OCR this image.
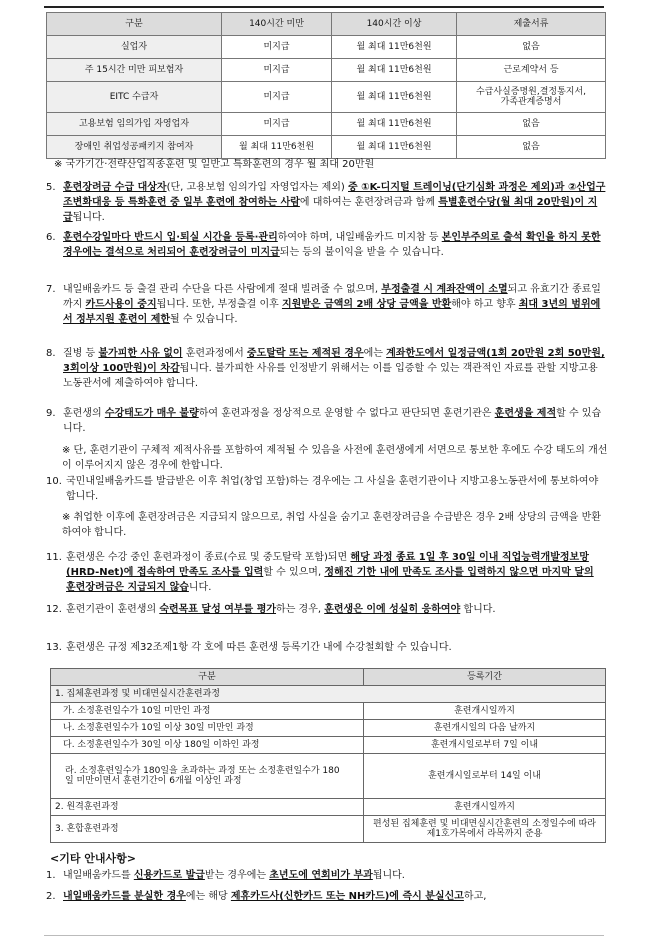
구분	140시간 미만	140시간 이상	제출서류
실업자	미지급	월 최대 11만6천원	없음
주 15시간 미만 피보험자	미지급	월 최대 11만6천원	근로계약서 등
EITC 수급자	미지급	월 최대 11만6천원	수급사실증명원,결정통지서,
가족관계증명서
고용보험 임의가입 자영업자	미지급	월 최대 11만6천원	없음
장애인 취업성공패키지 참여자	월 최대 11만6천원	월 최대 11만6천원	없음
※ 국가기간·전략산업직종훈련 및 일반고 특화훈련의 경우 월 최대 20만원
5. 훈련장려금 수급 대상자(단, 고용보험 임의가입 자영업자는 제외) 중 ①K-디지털 트레이닝(단기심화 과정은 제외)과 ②산업구조변화대응 등 특화훈련 중 일부 훈련에 참여하는 사람에 대하여는 훈련장려금과 함께 특별훈련수당(월 최대 20만원)이 지급됩니다.
6. 훈련수강일마다 반드시 입·퇴실 시간을 등록·관리하여야 하며, 내일배움카드 미지참 등 본인부주의로 출석 확인을 하지 못한 경우에는 결석으로 처리되어 훈련장려금이 미지급되는 등의 불이익을 받을 수 있습니다.
7. 내일배움카드 등 출결 관리 수단을 다른 사람에게 절대 빌려줄 수 없으며, 부정출결 시 계좌잔액이 소멸되고 유효기간 종료일까지 카드사용이 중지됩니다. 또한, 부정출결 이후 지원받은 금액의 2배 상당 금액을 반환해야 하고 향후 최대 3년의 범위에서 정부지원 훈련이 제한될 수 있습니다.
8. 질병 등 불가피한 사유 없이 훈련과정에서 중도탈락 또는 제적된 경우에는 계좌한도에서 일정금액(1회 20만원 2회 50만원, 3회이상 100만원)이 차감됩니다. 불가피한 사유를 인정받기 위해서는 이를 입증할 수 있는 객관적인 자료를 관할 지방고용노동관서에 제출하여야 합니다.
9. 훈련생의 수강태도가 매우 불량하여 훈련과정을 정상적으로 운영할 수 없다고 판단되면 훈련기관은 훈련생을 제적할 수 있습니다.
※ 단, 훈련기관이 구체적 제적사유를 포함하여 제적될 수 있음을 사전에 훈련생에게 서면으로 통보한 후에도 수강 태도의 개선이 이루어지지 않은 경우에 한합니다.
10. 국민내일배움카드를 발급받은 이후 취업(창업 포함)하는 경우에는 그 사실을 훈련기관이나 지방고용노동관서에 통보하여야 합니다.
※ 취업한 이후에 훈련장려금은 지급되지 않으므로, 취업 사실을 숨기고 훈련장려금을 수급받은 경우 2배 상당의 금액을 반환하여야 합니다.
11. 훈련생은 수강 중인 훈련과정이 종료(수료 및 중도탈락 포함)되면 해당 과정 종료 1일 후 30일 이내 직업능력개발정보망(HRD-Net)에 접속하여 만족도 조사를 입력할 수 있으며, 정해진 기한 내에 만족도 조사를 입력하지 않으면 마지막 달의 훈련장려금은 지급되지 않습니다.
12. 훈련기관이 훈련생의 숙련목표 달성 여부를 평가하는 경우, 훈련생은 이에 성실히 응하여야 합니다.
13. 훈련생은 규정 제32조제1항 각 호에 따른 훈련생 등록기간 내에 수강철회할 수 있습니다.
구분	등록기간
1. 집체훈련과정 및 비대면실시간훈련과정	
가. 소정훈련일수가 10일 미만인 과정	훈련개시일까지
나. 소정훈련일수가 10일 이상 30일 미만인 과정	훈련개시일의 다음 날까지
다. 소정훈련일수가 30일 이상 180일 이하인 과정	훈련개시일로부터 7일 이내
라. 소정훈련일수가 180일을 초과하는 과정 또는 소정훈련일수가 180일 미만이면서 훈련기간이 6개월 이상인 과정	훈련개시일로부터 14일 이내
2. 원격훈련과정	훈련개시일까지
3. 혼합훈련과정	편성된 집체훈련 및 비대면실시간훈련의 소정일수에 따라 제1호가목에서 라목까지 준용
<기타 안내사항>
1. 내일배움카드를 신용카드로 발급받는 경우에는 초년도에 연회비가 부과됩니다.
2. 내일배움카드를 분실한 경우에는 해당 제휴카드사(신한카드 또는 NH카드)에 즉시 분실신고하고,
